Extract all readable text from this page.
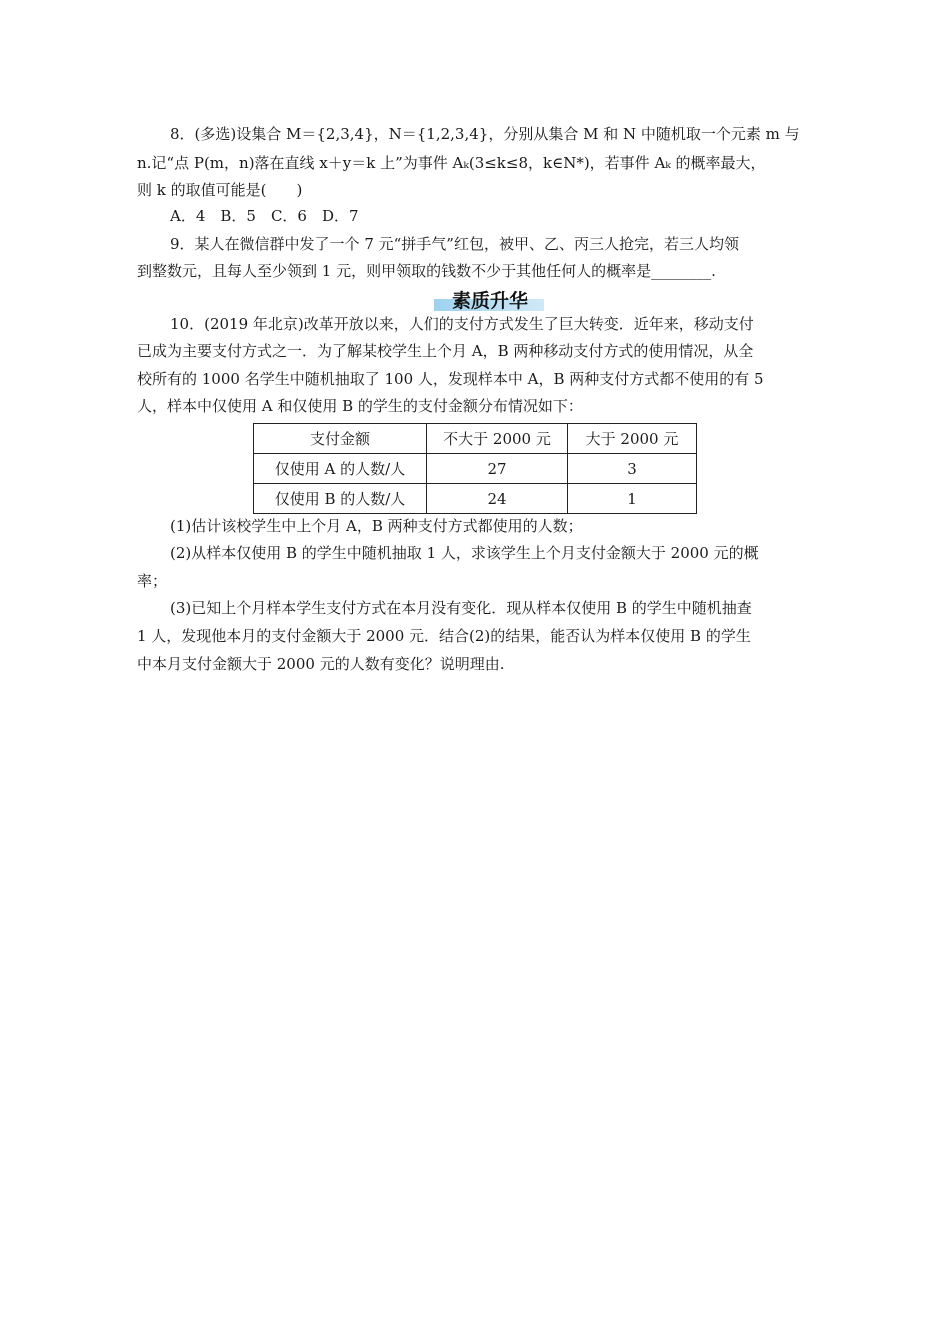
8．(多选)设集合 M＝{2,3,4}，N＝{1,2,3,4}，分别从集合 M 和 N 中随机取一个元素 m 与
n.记“点 P(m，n)落在直线 x＋y＝k 上”为事件 Aₖ(3≤k≤8，k∈N*)，若事件 Aₖ 的概率最大，
则 k 的取值可能是(　　)
A．4　B．5　C．6　D．7
9．某人在微信群中发了一个 7 元“拼手气”红包，被甲、乙、丙三人抢完，若三人均领
到整数元，且每人至少领到 1 元，则甲领取的钱数不少于其他任何人的概率是________.
素质升华
10．(2019 年北京)改革开放以来，人们的支付方式发生了巨大转变．近年来，移动支付
已成为主要支付方式之一．为了解某校学生上个月 A，B 两种移动支付方式的使用情况，从全
校所有的 1000 名学生中随机抽取了 100 人，发现样本中 A，B 两种支付方式都不使用的有 5
人，样本中仅使用 A 和仅使用 B 的学生的支付金额分布情况如下：
支付金额	不大于 2000 元	大于 2000 元
仅使用 A 的人数/人	27	3
仅使用 B 的人数/人	24	1
(1)估计该校学生中上个月 A，B 两种支付方式都使用的人数；
(2)从样本仅使用 B 的学生中随机抽取 1 人，求该学生上个月支付金额大于 2000 元的概
率；
(3)已知上个月样本学生支付方式在本月没有变化．现从样本仅使用 B 的学生中随机抽查
1 人，发现他本月的支付金额大于 2000 元．结合(2)的结果，能否认为样本仅使用 B 的学生
中本月支付金额大于 2000 元的人数有变化？说明理由.
